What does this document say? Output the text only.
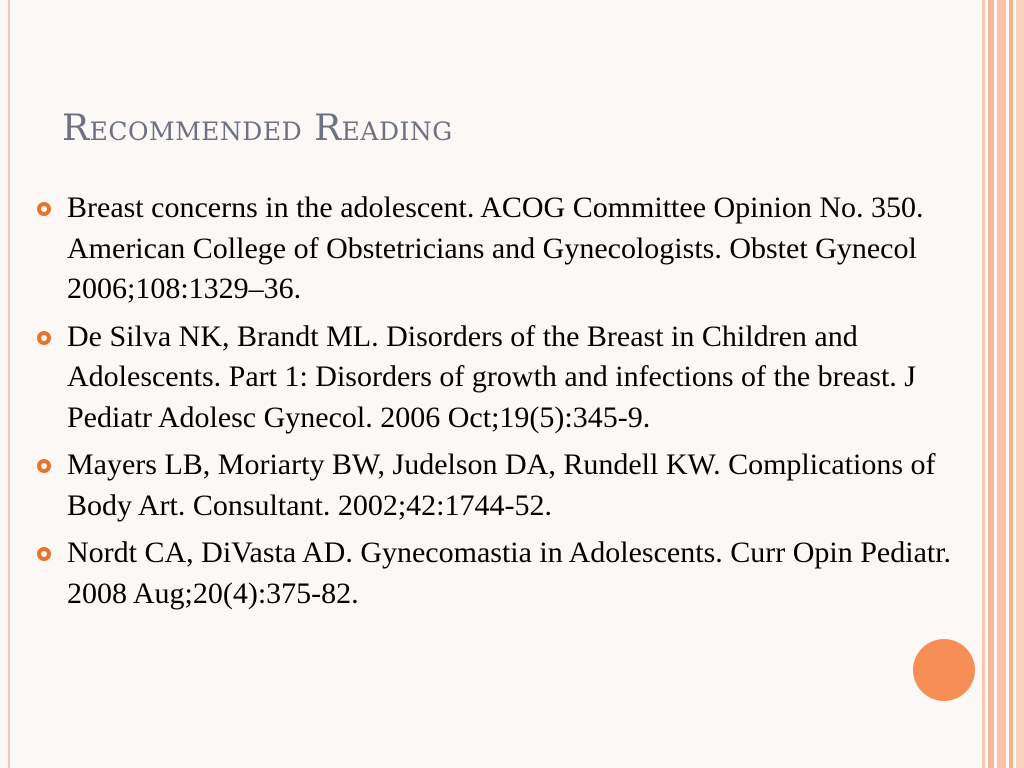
Recommended Reading
Breast concerns in the adolescent. ACOG Committee Opinion No. 350. American College of Obstetricians and Gynecologists. Obstet Gynecol 2006;108:1329–36.
De Silva NK, Brandt ML. Disorders of the Breast in Children and Adolescents. Part 1: Disorders of growth and infections of the breast. J Pediatr Adolesc Gynecol. 2006 Oct;19(5):345-9.
Mayers LB, Moriarty BW, Judelson DA, Rundell KW. Complications of Body Art. Consultant. 2002;42:1744-52.
Nordt CA, DiVasta AD. Gynecomastia in Adolescents. Curr Opin Pediatr. 2008 Aug;20(4):375-82.
